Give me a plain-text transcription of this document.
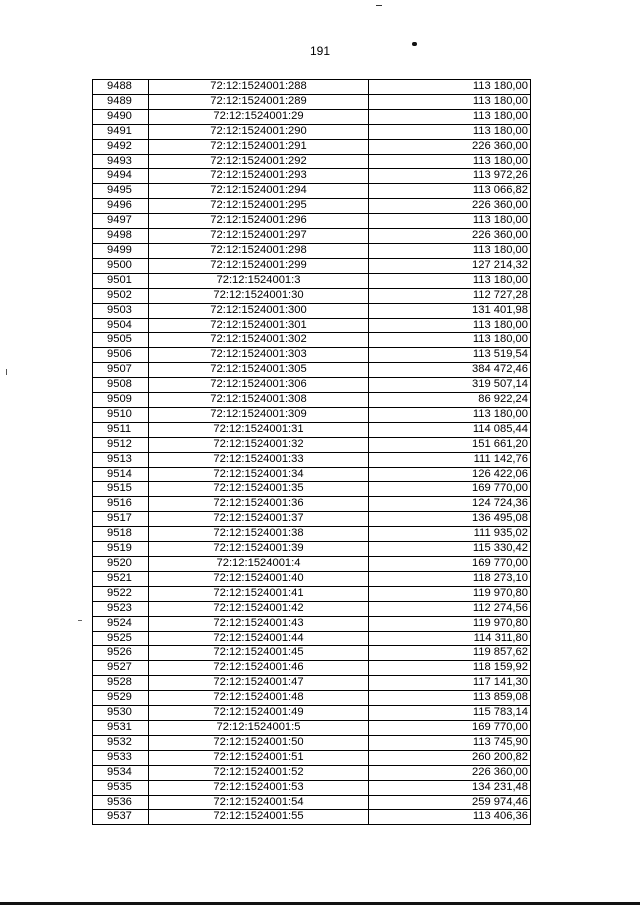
191
9488	72:12:1524001:288	113 180,00
9489	72:12:1524001:289	113 180,00
9490	72:12:1524001:29	113 180,00
9491	72:12:1524001:290	113 180,00
9492	72:12:1524001:291	226 360,00
9493	72:12:1524001:292	113 180,00
9494	72:12:1524001:293	113 972,26
9495	72:12:1524001:294	113 066,82
9496	72:12:1524001:295	226 360,00
9497	72:12:1524001:296	113 180,00
9498	72:12:1524001:297	226 360,00
9499	72:12:1524001:298	113 180,00
9500	72:12:1524001:299	127 214,32
9501	72:12:1524001:3	113 180,00
9502	72:12:1524001:30	112 727,28
9503	72:12:1524001:300	131 401,98
9504	72:12:1524001:301	113 180,00
9505	72:12:1524001:302	113 180,00
9506	72:12:1524001:303	113 519,54
9507	72:12:1524001:305	384 472,46
9508	72:12:1524001:306	319 507,14
9509	72:12:1524001:308	86 922,24
9510	72:12:1524001:309	113 180,00
9511	72:12:1524001:31	114 085,44
9512	72:12:1524001:32	151 661,20
9513	72:12:1524001:33	111 142,76
9514	72:12:1524001:34	126 422,06
9515	72:12:1524001:35	169 770,00
9516	72:12:1524001:36	124 724,36
9517	72:12:1524001:37	136 495,08
9518	72:12:1524001:38	111 935,02
9519	72:12:1524001:39	115 330,42
9520	72:12:1524001:4	169 770,00
9521	72:12:1524001:40	118 273,10
9522	72:12:1524001:41	119 970,80
9523	72:12:1524001:42	112 274,56
9524	72:12:1524001:43	119 970,80
9525	72:12:1524001:44	114 311,80
9526	72:12:1524001:45	119 857,62
9527	72:12:1524001:46	118 159,92
9528	72:12:1524001:47	117 141,30
9529	72:12:1524001:48	113 859,08
9530	72:12:1524001:49	115 783,14
9531	72:12:1524001:5	169 770,00
9532	72:12:1524001:50	113 745,90
9533	72:12:1524001:51	260 200,82
9534	72:12:1524001:52	226 360,00
9535	72:12:1524001:53	134 231,48
9536	72:12:1524001:54	259 974,46
9537	72:12:1524001:55	113 406,36
